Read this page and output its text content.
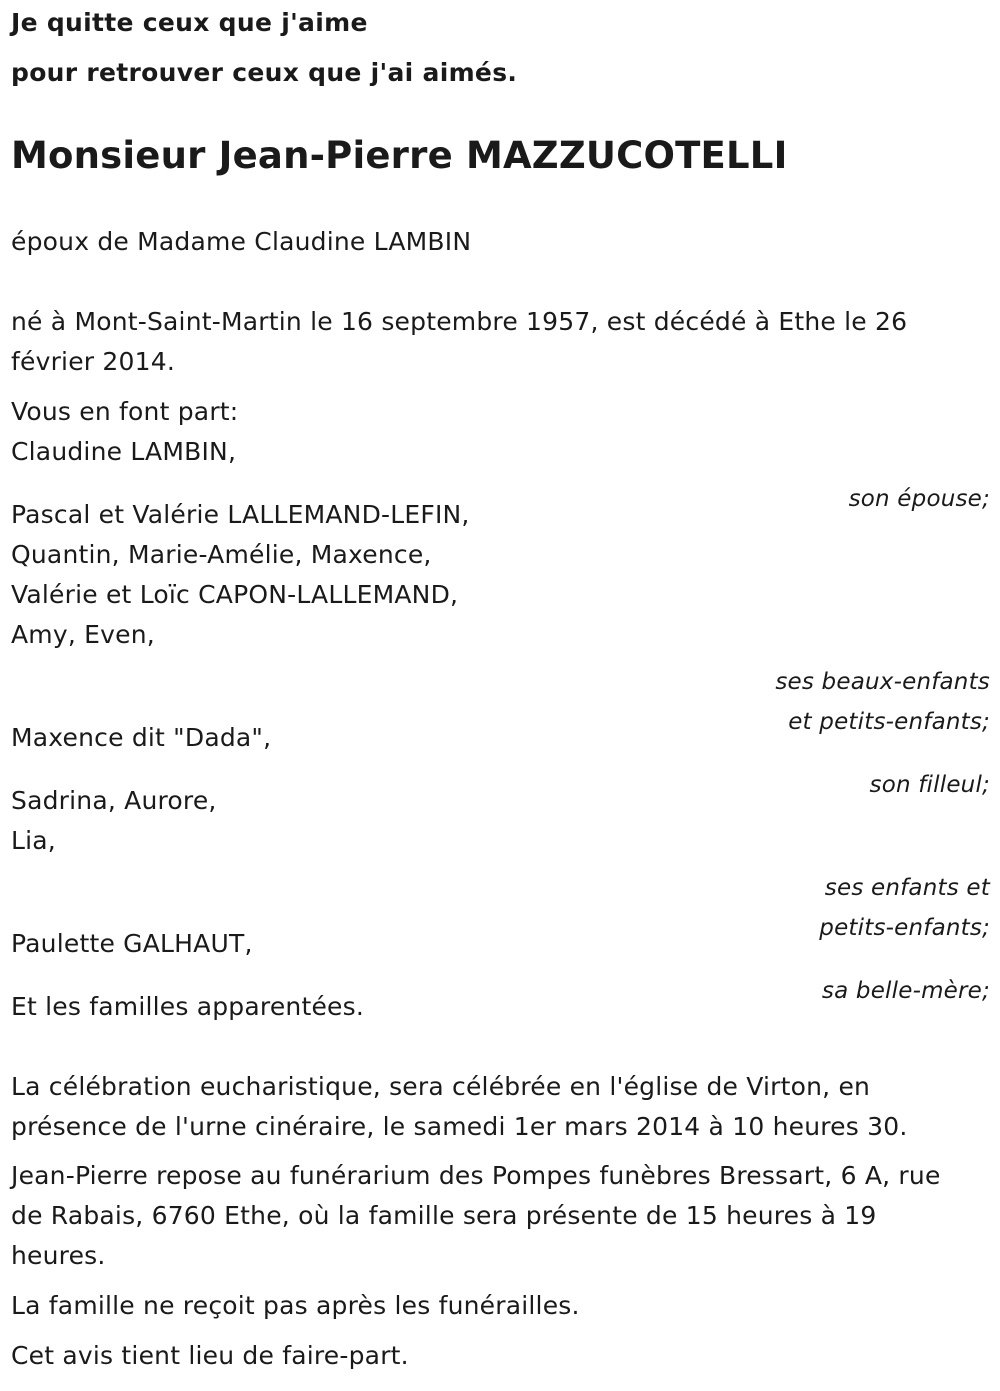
Je quitte ceux que j'aime

pour retrouver ceux que j'ai aimés.

Monsieur Jean-Pierre MAZZUCOTELLI

époux de Madame Claudine LAMBIN

né à Mont-Saint-Martin le 16 septembre 1957, est décédé à Ethe le 26

février 2014.

Vous en font part:

Claudine LAMBIN,

son épouse;

Pascal et Valérie LALLEMAND-LEFIN,

Quantin, Marie-Amélie, Maxence,

Valérie et Loïc CAPON-LALLEMAND,

Amy, Even,

ses beaux-enfants

et petits-enfants;

Maxence dit "Dada",

son filleul;

Sadrina, Aurore,

Lia,

ses enfants et

petits-enfants;

Paulette GALHAUT,

sa belle-mère;

Et les familles apparentées.

La célébration eucharistique, sera célébrée en l'église de Virton, en

présence de l'urne cinéraire, le samedi 1er mars 2014 à 10 heures 30.

Jean-Pierre repose au funérarium des Pompes funèbres Bressart, 6 A, rue

de Rabais, 6760 Ethe, où la famille sera présente de 15 heures à 19

heures.

La famille ne reçoit pas après les funérailles.

Cet avis tient lieu de faire-part.
